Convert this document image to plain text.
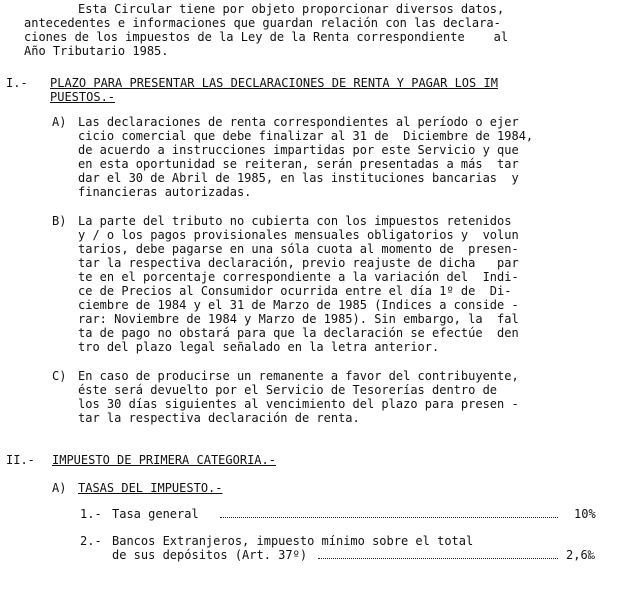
Esta Circular tiene por objeto proporcionar diversos datos,
antecedentes e informaciones que guardan relación con las declara-
ciones de los impuestos de la Ley de la Renta correspondiente    al
Año Tributario 1985.
I.- PLAZO PARA PRESENTAR LAS DECLARACIONES DE RENTA Y PAGAR LOS IM
PUESTOS.-
A) Las declaraciones de renta correspondientes al período o ejer
cicio comercial que debe finalizar al 31 de  Diciembre de 1984,
de acuerdo a instrucciones impartidas por este Servicio y que
en esta oportunidad se reiteran, serán presentadas a más  tar
dar el 30 de Abril de 1985, en las instituciones bancarias  y
financieras autorizadas.
B) La parte del tributo no cubierta con los impuestos retenidos
y / o los pagos provisionales mensuales obligatorios y  volun
tarios, debe pagarse en una sóla cuota al momento de  presen-
tar la respectiva declaración, previo reajuste de dicha   par
te en el porcentaje correspondiente a la variación del  Indi-
ce de Precios al Consumidor ocurrida entre el día 1º de  Di-
ciembre de 1984 y el 31 de Marzo de 1985 (Indices a conside -
rar: Noviembre de 1984 y Marzo de 1985). Sin embargo, la  fal
ta de pago no obstará para que la declaración se efectúe  den
tro del plazo legal señalado en la letra anterior.
C) En caso de producirse un remanente a favor del contribuyente,
éste será devuelto por el Servicio de Tesorerías dentro de
los 30 días siguientes al vencimiento del plazo para presen -
tar la respectiva declaración de renta.
II.- IMPUESTO DE PRIMERA CATEGORIA.-
A) TASAS DEL IMPUESTO.-
1.- Tasa general	10%
2.- Bancos Extranjeros, impuesto mínimo sobre el total
de sus depósitos (Art. 37º)	2,6‰
